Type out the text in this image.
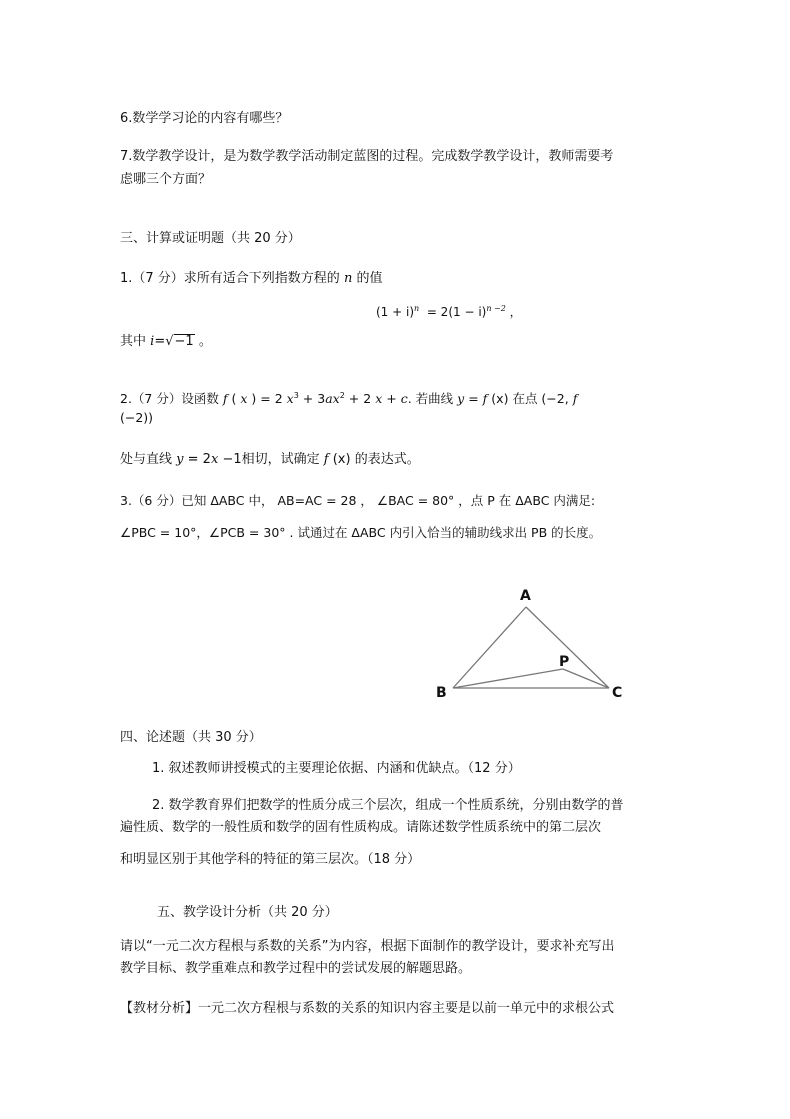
6.数学学习论的内容有哪些？
7.数学教学设计，是为数学教学活动制定蓝图的过程。完成数学教学设计，教师需要考
虑哪三个方面？
三、计算或证明题（共 20 分）
1.（7 分）求所有适合下列指数方程的 n 的值
$(1 + i)^n = 2(1 - i)^{n -2}$ ，
其中 i=√−1 。
2.（7 分）设函数 f ( x ) = 2 $x^3 + 3ax^2 + 2$ x + c. 若曲线 y = f (x) 在点 (−2, f
(−2))
处与直线 y = 2x −1相切，试确定 f (x) 的表达式。
3.（6 分）已知 ΔABC 中， AB=AC = 28 ， ∠BAC = 80° ，点 P 在 ΔABC 内满足:
∠PBC = 10°，∠PCB = 30° . 试通过在 ΔABC 内引入恰当的辅助线求出 PB 的长度。
A
B	C
P
四、论述题（共 30 分）
1. 叙述教师讲授模式的主要理论依据、内涵和优缺点。（12 分）
2. 数学教育界们把数学的性质分成三个层次，组成一个性质系统，分别由数学的普
遍性质、数学的一般性质和数学的固有性质构成。请陈述数学性质系统中的第二层次
和明显区别于其他学科的特征的第三层次。（18 分）
五、教学设计分析（共 20 分）
请以“一元二次方程根与系数的关系”为内容，根据下面制作的教学设计，要求补充写出
教学目标、教学重难点和教学过程中的尝试发展的解题思路。
【教材分析】一元二次方程根与系数的关系的知识内容主要是以前一单元中的求根公式
